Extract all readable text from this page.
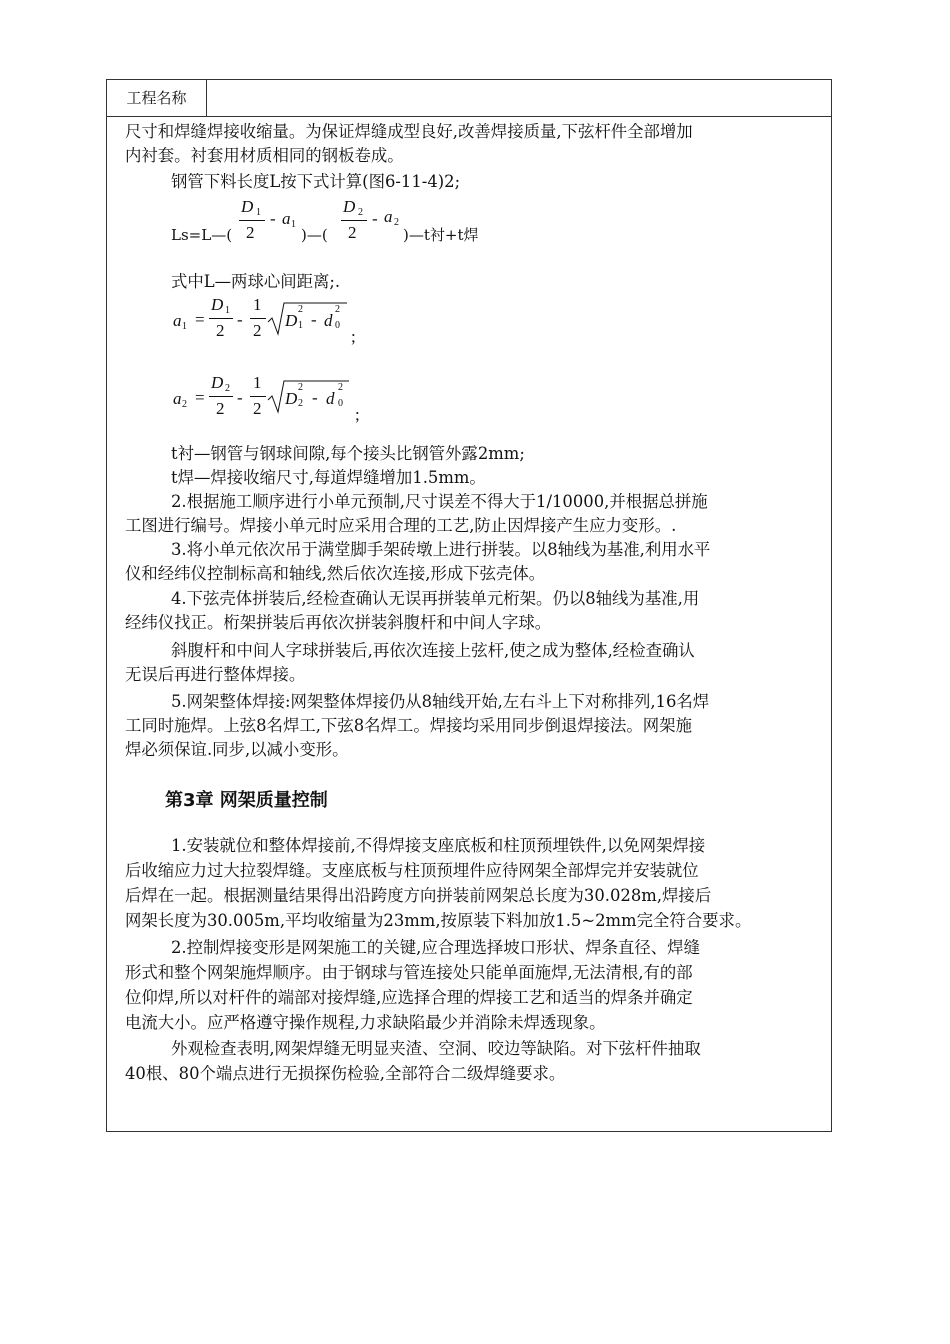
工程名称
尺寸和焊缝焊接收缩量。为保证焊缝成型良好,改善焊接质量,下弦杆件全部增加
内衬套。衬套用材质相同的钢板卷成。
钢管下料长度L按下式计算(图6-11-4)2;
Ls=L—(
D 1
2
- a 1
)—(
D 2
2
- a 2
)—t衬+t焊
式中L—两球心间距离;.
a 1 =
D 1
2
-
1
2
D
2
1 - d
2
0
;
a 2 =
D 2
2
-
1
2
D
2
2 - d
2
0
;
t衬—钢管与钢球间隙,每个接头比钢管外露2mm;
t焊—焊接收缩尺寸,每道焊缝增加1.5mm。
2.根据施工顺序进行小单元预制,尺寸误差不得大于1/10000,并根据总拼施
工图进行编号。焊接小单元时应采用合理的工艺,防止因焊接产生应力变形。.
3.将小单元依次吊于满堂脚手架砖墩上进行拼装。以8轴线为基准,利用水平
仪和经纬仪控制标高和轴线,然后依次连接,形成下弦壳体。
4.下弦壳体拼装后,经检查确认无误再拼装单元桁架。仍以8轴线为基准,用
经纬仪找正。桁架拼装后再依次拼装斜腹杆和中间人字球。
斜腹杆和中间人字球拼装后,再依次连接上弦杆,使之成为整体,经检查确认
无误后再进行整体焊接。
5.网架整体焊接:网架整体焊接仍从8轴线开始,左右斗上下对称排列,16名焊
工同时施焊。上弦8名焊工,下弦8名焊工。焊接均采用同步倒退焊接法。网架施
焊必须保谊.同步,以减小变形。
第3章 网架质量控制
1.安装就位和整体焊接前,不得焊接支座底板和柱顶预埋铁件,以免网架焊接
后收缩应力过大拉裂焊缝。支座底板与柱顶预埋件应待网架全部焊完并安装就位
后焊在一起。根据测量结果得出沿跨度方向拼装前网架总长度为30.028m,焊接后
网架长度为30.005m,平均收缩量为23mm,按原装下料加放1.5~2mm完全符合要求。
2.控制焊接变形是网架施工的关键,应合理选择坡口形状、焊条直径、焊缝
形式和整个网架施焊顺序。由于钢球与管连接处只能单面施焊,无法清根,有的部
位仰焊,所以对杆件的端部对接焊缝,应选择合理的焊接工艺和适当的焊条并确定
电流大小。应严格遵守操作规程,力求缺陷最少并消除未焊透现象。
外观检查表明,网架焊缝无明显夹渣、空洞、咬边等缺陷。对下弦杆件抽取
40根、80个端点进行无损探伤检验,全部符合二级焊缝要求。
